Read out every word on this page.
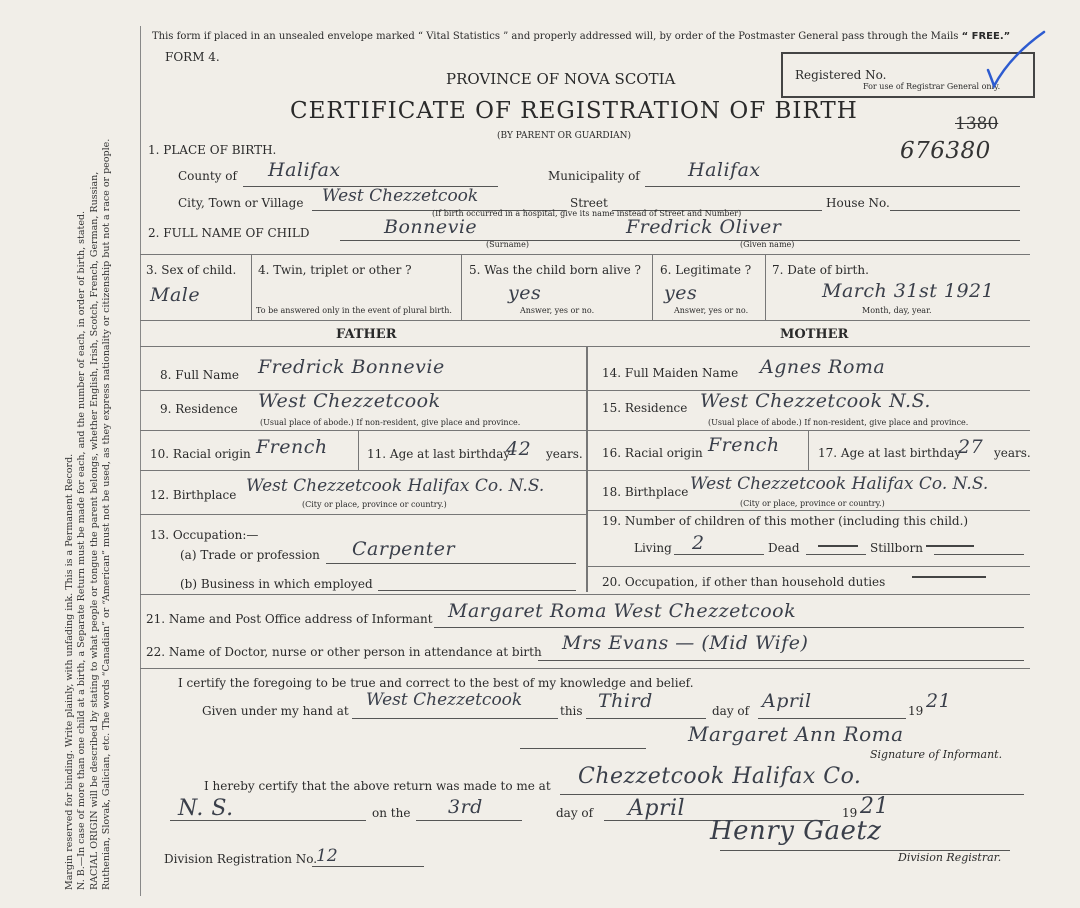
Margin reserved for binding. Write plainly, with unfading ink. This is a Permanent Record. N. B.—In case of more than one child at a birth, a Separate Return must be made for each, and the number of each, in order of birth, stated. RACIAL ORIGIN will be described by stating to what people or tongue the parent belongs, whether English, Irish, Scotch, French, German, Russian, Ruthenian, Slovak, Galician, etc. The words “Canadian” or “American” must not be used, as they express nationality or citizenship but not a race or people.
This form if placed in an unsealed envelope marked “ Vital Statistics ” and properly addressed will, by order of the Postmaster General pass through the Mails “ FREE.”
FORM 4.
PROVINCE OF NOVA SCOTIA
CERTIFICATE OF REGISTRATION OF BIRTH
(BY PARENT OR GUARDIAN)
Registered No.
For use of Registrar General only.
1380
676380
1. PLACE OF BIRTH.
County of Halifax	Municipality of	Halifax
City, Town or Village West Chezzetcook	Street
(If birth occurred in a hospital, give its name instead of Street and Number)
House No.
2. FULL NAME OF CHILD	Bonnevie
(Surname)
Fredrick Oliver
(Given name)
3. Sex of child.
Male
4. Twin, triplet or other ?
To be answered only in the event of plural birth.
5. Was the child born alive ?
yes
Answer, yes or no.
6. Legitimate ?
yes
Answer, yes or no.
7. Date of birth.
March 31st 1921
Month, day, year.
FATHER	MOTHER
8. Full Name Fredrick Bonnevie
9. Residence West Chezzetcook
(Usual place of abode.) If non-resident, give place and province.
10. Racial origin French	11. Age at last birthday
42 years.
12. Birthplace West Chezzetcook Halifax Co. N.S.
(City or place, province or country.)
13. Occupation:—
(a) Trade or profession Carpenter
(b) Business in which employed
14. Full Maiden Name Agnes Roma
15. Residence West Chezzetcook N.S.
(Usual place of abode.) If non-resident, give place and province.
16. Racial origin French	17. Age at last birthday
27 years.
18. Birthplace West Chezzetcook Halifax Co. N.S.
(City or place, province or country.)
19. Number of children of this mother (including this child.)
Living 2	Dead	Stillborn
20. Occupation, if other than household duties
21. Name and Post Office address of Informant Margaret Roma West Chezzetcook
22. Name of Doctor, nurse or other person in attendance at birth Mrs Evans — (Mid Wife)
I certify the foregoing to be true and correct to the best of my knowledge and belief.
Given under my hand at
West Chezzetcook
this Third	day of April	19 21
Margaret Ann Roma
Signature of Informant.
I hereby certify that the above return was made to me at Chezzetcook Halifax Co.
N. S.	on the 3rd	day of April	19 21
Henry Gaetz
Division Registration No.
12	Division Registrar.
